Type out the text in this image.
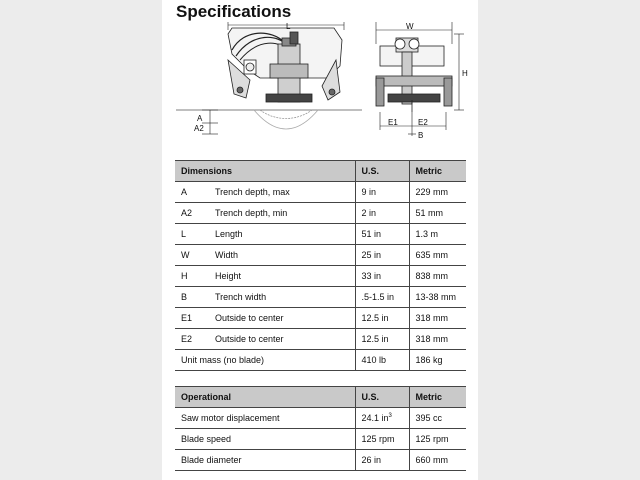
Specifications
L
A
A2
W
H
E1	E2
B
Dimensions		U.S.	Metric
A	Trench depth, max	9 in	229 mm
A2	Trench depth, min	2 in	51 mm
L	Length	51 in	1.3 m
W	Width	25 in	635 mm
H	Height	33 in	838 mm
B	Trench width	.5-1.5 in	13-38 mm
E1	Outside to center	12.5 in	318 mm
E2	Outside to center	12.5 in	318 mm
Unit mass (no blade)		410 lb	186 kg
Operational	U.S.	Metric
Saw motor displacement	24.1 $in^3$	395 cc
Blade speed	125 rpm	125 rpm
Blade diameter	26 in	660 mm
